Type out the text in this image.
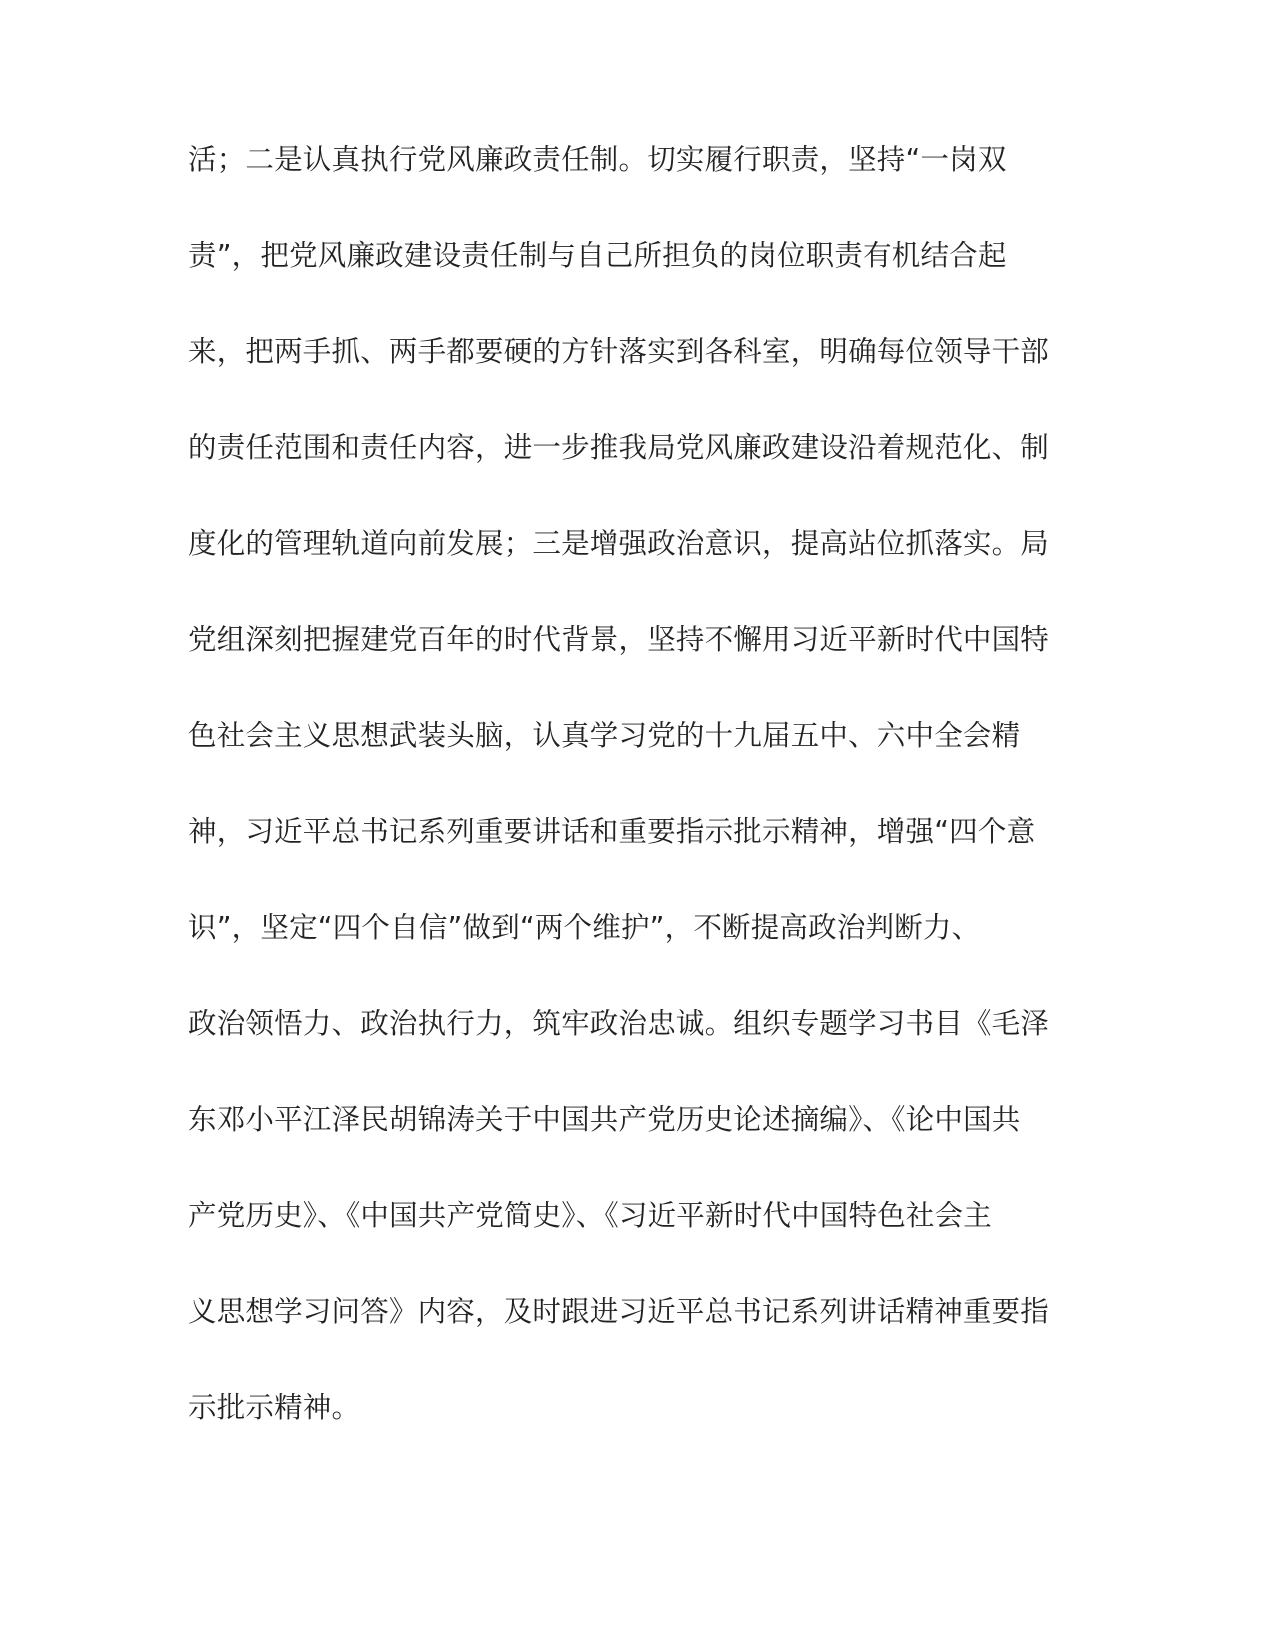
活；二是认真执行党风廉政责任制。切实履行职责，坚持“一岗双
责”，把党风廉政建设责任制与自己所担负的岗位职责有机结合起
来，把两手抓、两手都要硬的方针落实到各科室，明确每位领导干部
的责任范围和责任内容，进一步推我局党风廉政建设沿着规范化、制
度化的管理轨道向前发展；三是增强政治意识，提高站位抓落实。局
党组深刻把握建党百年的时代背景，坚持不懈用习近平新时代中国特
色社会主义思想武装头脑，认真学习党的十九届五中、六中全会精
神，习近平总书记系列重要讲话和重要指示批示精神，增强“四个意
识”，坚定“四个自信”做到“两个维护”，不断提高政治判断力、
政治领悟力、政治执行力，筑牢政治忠诚。组织专题学习书目《毛泽
东邓小平江泽民胡锦涛关于中国共产党历史论述摘编》、《论中国共
产党历史》、《中国共产党简史》、《习近平新时代中国特色社会主
义思想学习问答》内容，及时跟进习近平总书记系列讲话精神重要指
示批示精神。
